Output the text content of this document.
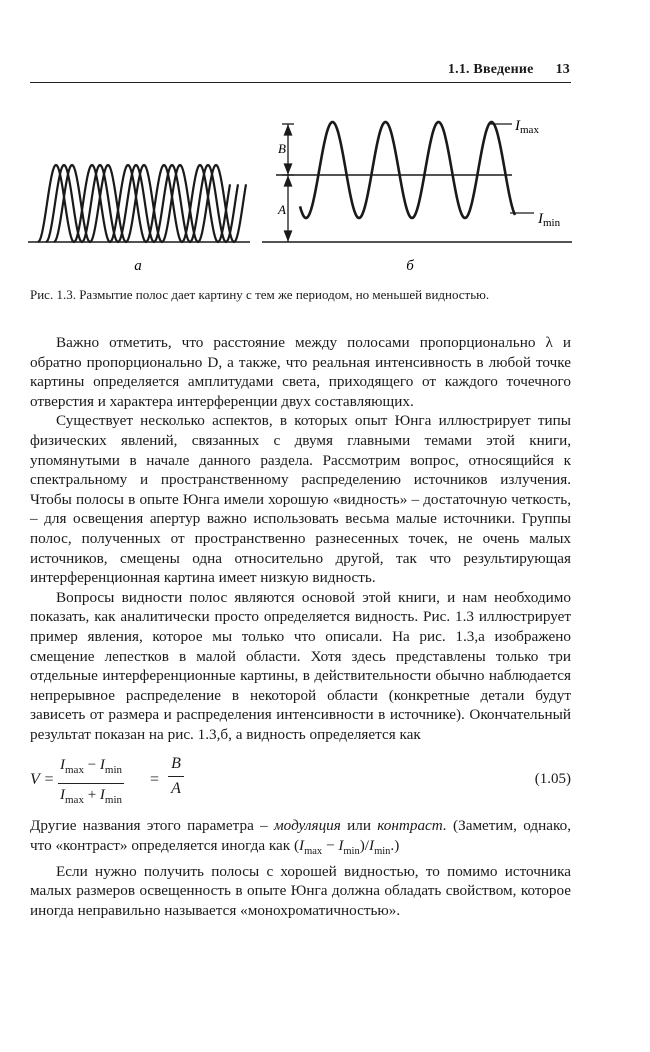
1.1. Введение 13
B
A
$I_{max}$
$I_{min}$
а	б
Рис. 1.3. Размытие полос дает картину с тем же периодом, но меньшей видностью.

Важно отметить, что расстояние между полосами пропорционально λ и обратно пропорционально D, а также, что реальная интенсивность в любой точке картины определяется амплитудами света, приходящего от каждого точечного отверстия и характера интерференции двух составляющих.

Существует несколько аспектов, в которых опыт Юнга иллюстрирует типы физических явлений, связанных с двумя главными темами этой книги, упомянутыми в начале данного раздела. Рассмотрим вопрос, относящийся к спектральному и пространственному распределению источников излучения. Чтобы полосы в опыте Юнга имели хорошую «видность» – достаточную четкость, – для освещения апертур важно использовать весьма малые источники. Группы полос, полученных от пространственно разнесенных точек, не очень малых источников, смещены одна относительно другой, так что результирующая интерференционная картина имеет низкую видность.

Вопросы видности полос являются основой этой книги, и нам необходимо показать, как аналитически просто определяется видность. Рис. 1.3 иллюстрирует пример явления, которое мы только что описали. На рис. 1.3,а изображено смещение лепестков в малой области. Хотя здесь представлены только три отдельные интерференционные картины, в действительности обычно наблюдается непрерывное распределение в некоторой области (конкретные детали будут зависеть от размера и распределения интенсивности в источнике). Окончательный результат показан на рис. 1.3,б, а видность определяется как

V =
$I_{max} - I_{min}$
$I_{max} + I_{min}$
= $\frac{B}{A}$	(1.05)

Другие названия этого параметра – модуляция или контраст. (Заметим, однако, что «контраст» определяется иногда как $(I_{max} - I_{min})/I_{min}$.)

Если нужно получить полосы с хорошей видностью, то помимо источника малых размеров освещенность в опыте Юнга должна обладать свойством, которое иногда неправильно называется «монохроматичностью».
